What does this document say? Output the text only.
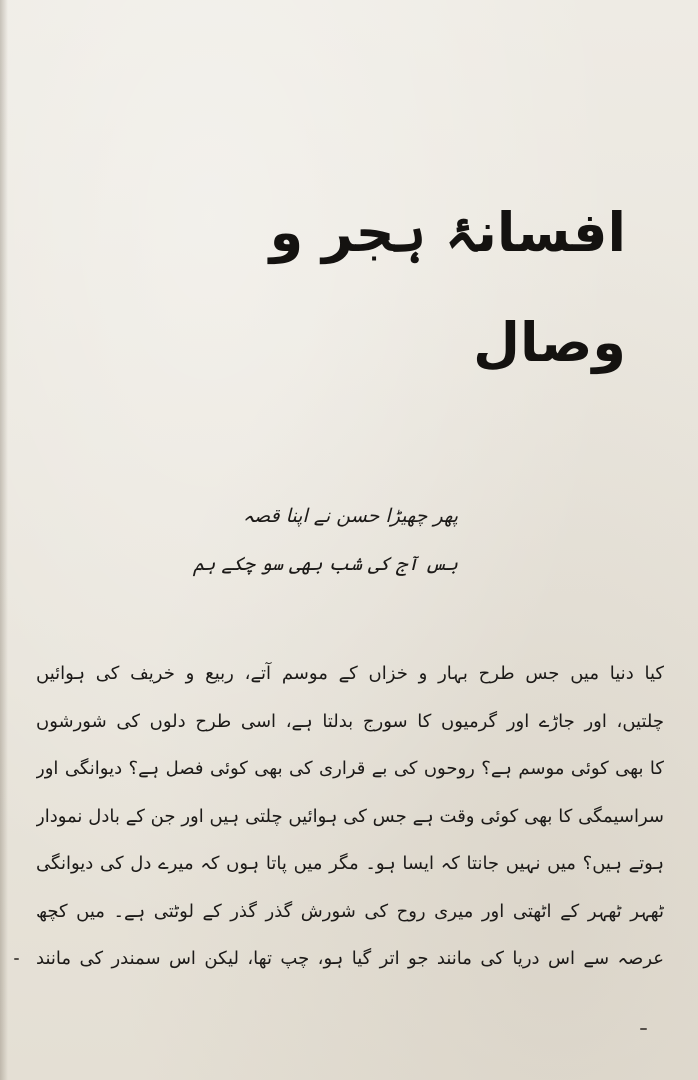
افسانۂ ہجر و وصال
پھر چھیڑا حسن نے اپنا قصہ
بس آج کی شب بھی سو چکے ہم
کیا دنیا میں جس طرح بہار و خزاں کے موسم آتے، ربیع و خریف کی ہوائیں
چلتیں، اور جاڑے اور گرمیوں کا سورج بدلتا ہے، اسی طرح دلوں کی شورشوں
کا بھی کوئی موسم ہے؟ روحوں کی بے قراری کی بھی کوئی فصل ہے؟ دیوانگی اور
سراسیمگی کا بھی کوئی وقت ہے جس کی ہوائیں چلتی ہیں اور جن کے بادل نمودار
ہوتے ہیں؟ میں نہیں جانتا کہ ایسا ہو۔ مگر میں پاتا ہوں کہ میرے دل کی دیوانگی
ٹھہر ٹھہر کے اٹھتی اور میری روح کی شورش گذر گذر کے لوٹتی ہے۔ میں کچھ
عرصہ سے اس دریا کی مانند جو اتر گیا ہو، چپ تھا، لیکن اس سمندر کی مانند
